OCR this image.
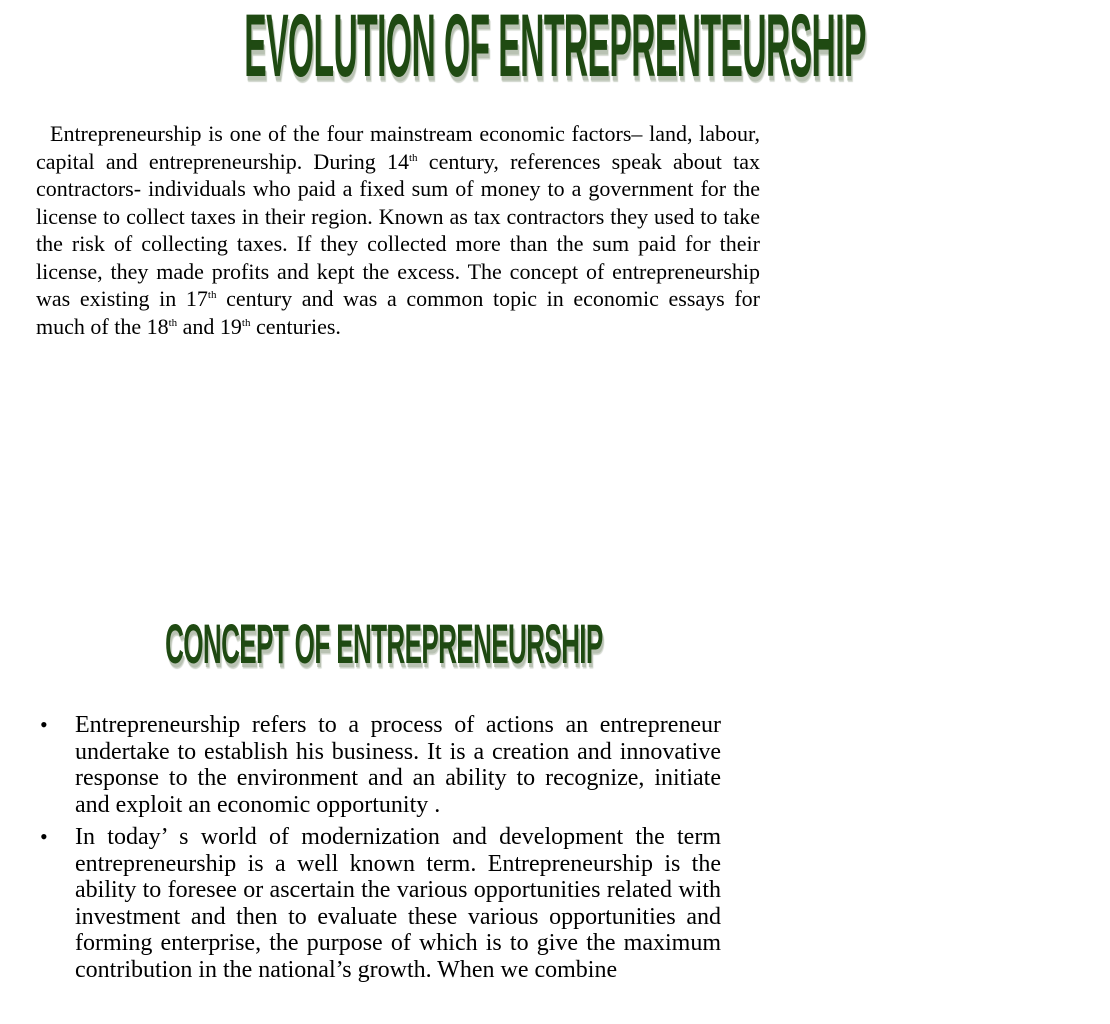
EVOLUTION OF ENTREPRENTEURSHIP

Entrepreneurship is one of the four mainstream economic factors– land, labour, capital and entrepreneurship. During 14th century, references speak about tax contractors- individuals who paid a fixed sum of money to a government for the license to collect taxes in their region. Known as tax contractors they used to take the risk of collecting taxes. If they collected more than the sum paid for their license, they made profits and kept the excess. The concept of entrepreneurship was existing in 17th century and was a common topic in economic essays for much of the 18th and 19th centuries.

CONCEPT OF ENTREPRENEURSHIP
• Entrepreneurship refers to a process of actions an entrepreneur undertake to establish his business. It is a creation and innovative response to the environment and an ability to recognize, initiate and exploit an economic opportunity .
• In today’ s world of modernization and development the term entrepreneurship is a well known term. Entrepreneurship is the ability to foresee or ascertain the various opportunities related with investment and then to evaluate these various opportunities and forming enterprise, the purpose of which is to give the maximum contribution in the national’s growth. When we combine
